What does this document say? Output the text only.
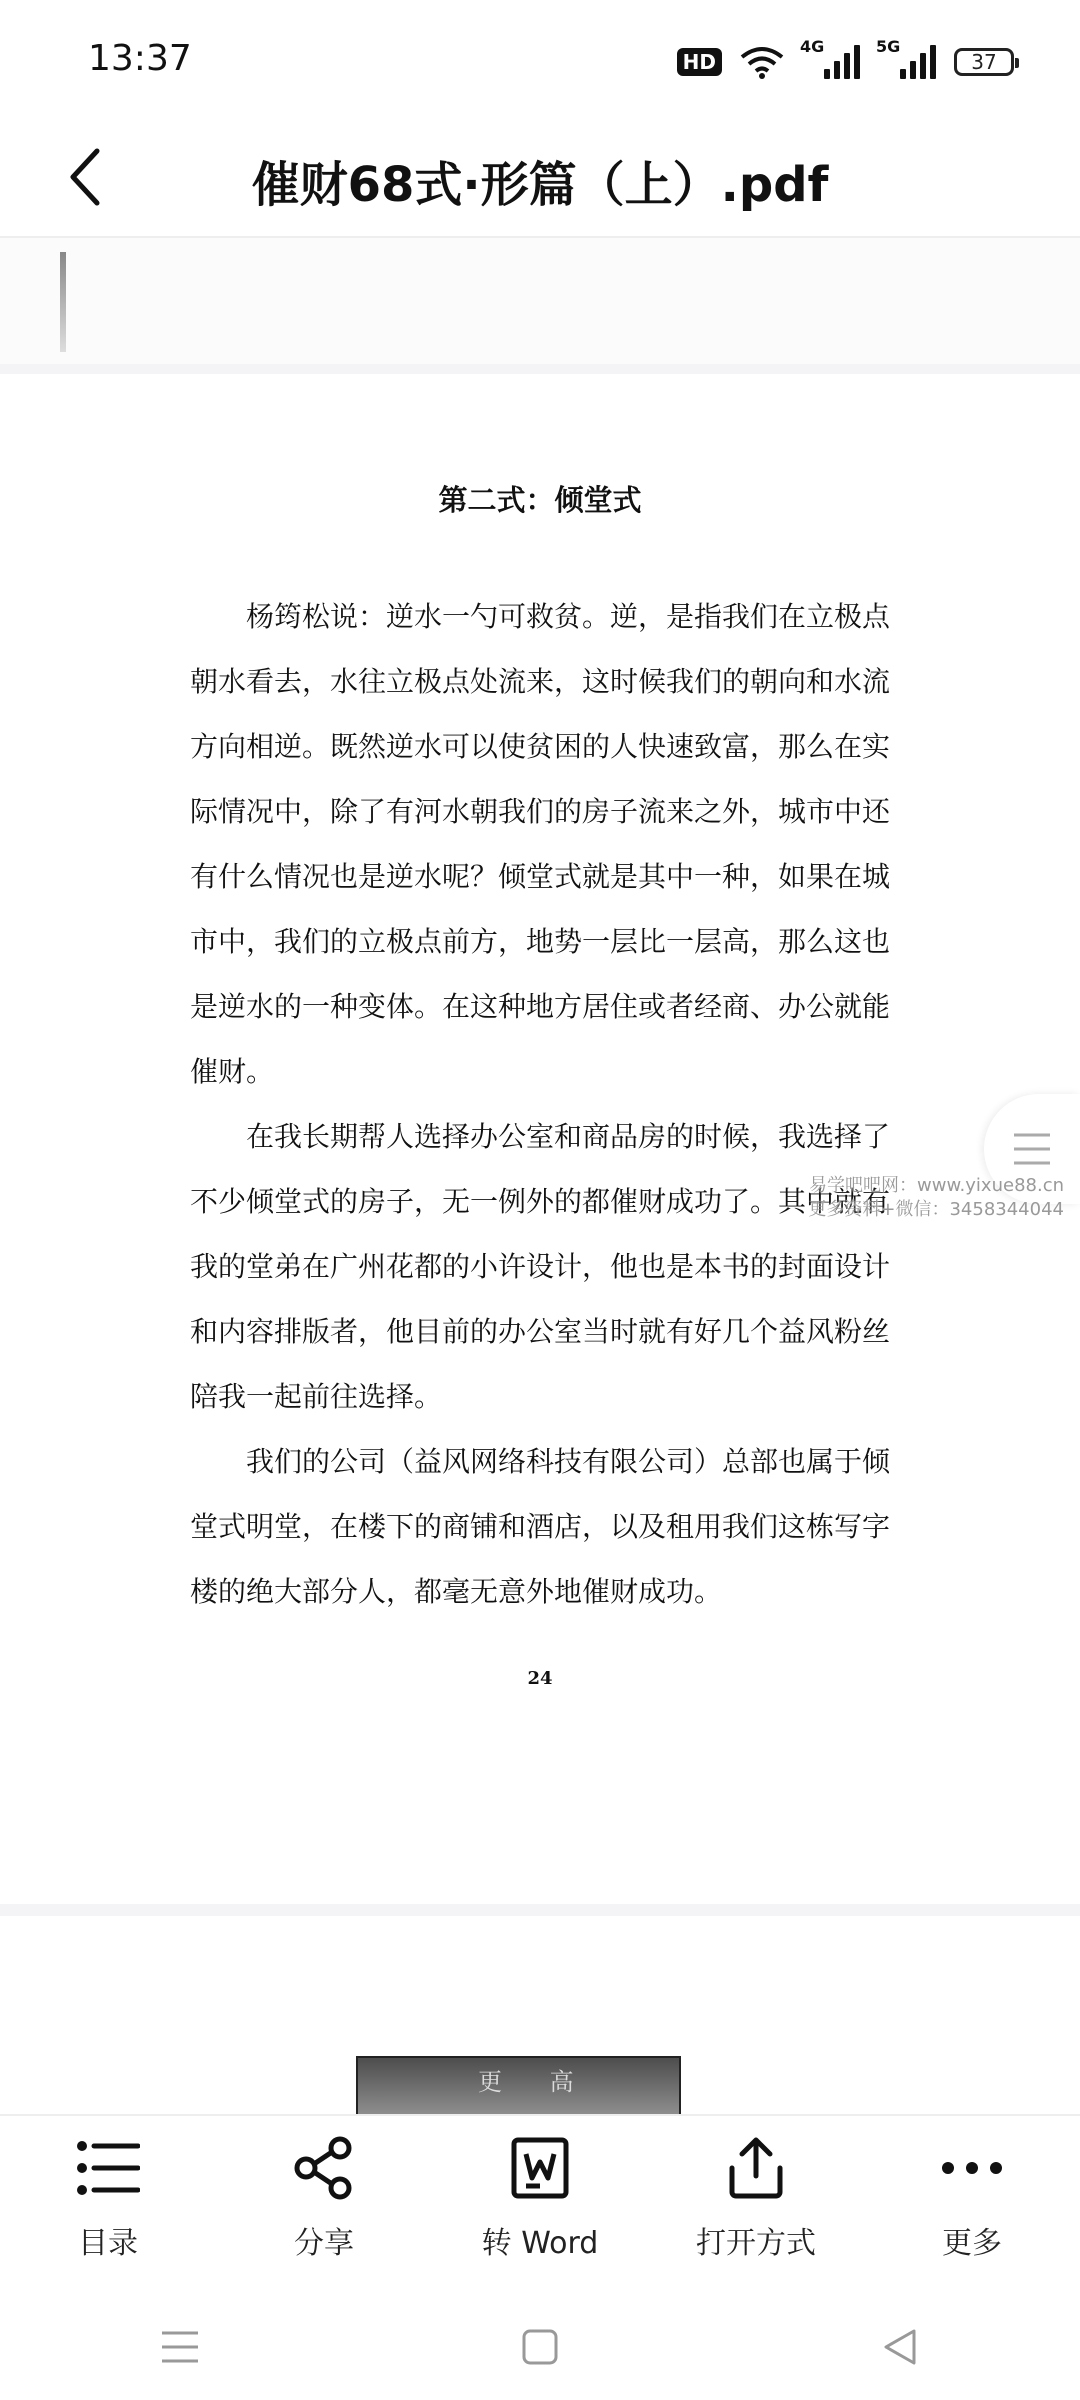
13:37	HD
4G	5G
37
催财68式·形篇（上）.pdf
第二式：倾堂式

杨筠松说：逆水一勺可救贫。逆，是指我们在立极点朝水看去，水往立极点处流来，这时候我们的朝向和水流方向相逆。既然逆水可以使贫困的人快速致富，那么在实际情况中，除了有河水朝我们的房子流来之外，城市中还有什么情况也是逆水呢？倾堂式就是其中一种，如果在城市中，我们的立极点前方，地势一层比一层高，那么这也是逆水的一种变体。在这种地方居住或者经商、办公就能催财。

在我长期帮人选择办公室和商品房的时候，我选择了不少倾堂式的房子，无一例外的都催财成功了。其中就有我的堂弟在广州花都的小许设计，他也是本书的封面设计和内容排版者，他目前的办公室当时就有好几个益风粉丝陪我一起前往选择。

我们的公司（益风网络科技有限公司）总部也属于倾堂式明堂，在楼下的商铺和酒店，以及租用我们这栋写字楼的绝大部分人，都毫无意外地催财成功。

24
更 高
易学吧吧网：www.yixue88.cn
更多资料+微信：3458344044
目录	分享	转 Word	打开方式	更多
